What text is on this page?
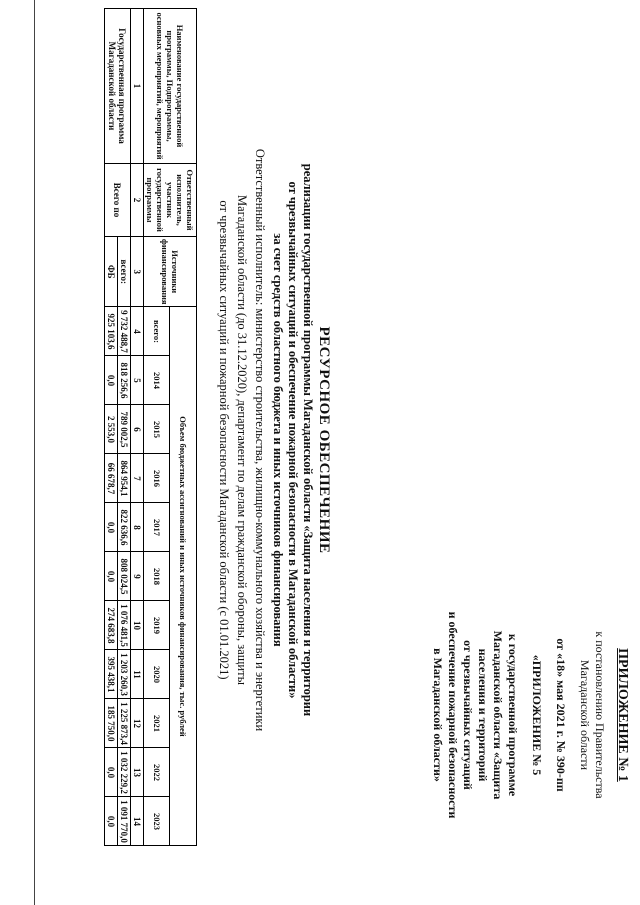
ПРИЛОЖЕНИЕ № 1
к постановлению Правительства
Магаданской области
от «18» мая 2021 г. № 390-пп
«ПРИЛОЖЕНИЕ № 5
к государственной программе
Магаданской области «Защита
населения и территорий
от чрезвычайных ситуаций
и обеспечение пожарной безопасности
в Магаданской области»
РЕСУРСНОЕ ОБЕСПЕЧЕНИЕ
реализации государственной программы Магаданской области «Защита населения и территории
от чрезвычайных ситуаций и обеспечение пожарной безопасности в Магаданской области»
за счет средств областного бюджета и иных источников финансирования
Ответственный исполнитель: министерство строительства, жилищно-коммунального хозяйства и энергетики
Магаданской области (до 31.12.2020), департамент по делам гражданской обороны, защиты
от чрезвычайных ситуаций и пожарной безопасности Магаданской области (с 01.01.2021)
Наименование государственной программы, Подпрограммы, основных мероприятий, мероприятий	Ответственный исполнитель, участник государственной программы	Источники финансирования	Объем бюджетных ассигнований и иных источников финансирования, тыс. рублей										
			всего:	2014	2015	2016	2017	2018	2019	2020	2021	2022	2023
1	2	3	4	5	6	7	8	9	10	11	12	13	14
Государственная программа Магаданской области	Всего по	всего:	9 732 488,7	818 256,6	789 002,5	864 954,1	822 636,6	808 024,5	1 076 481,5	1 203 260,3	1 225 873,4	1 032 229,2	1 091 770,0
		ФБ	925 103,6	0,0	2 553,0	66 678,7	0,0	0,0	274 683,8	395 438,1	185 750,0	0,0	0,0
